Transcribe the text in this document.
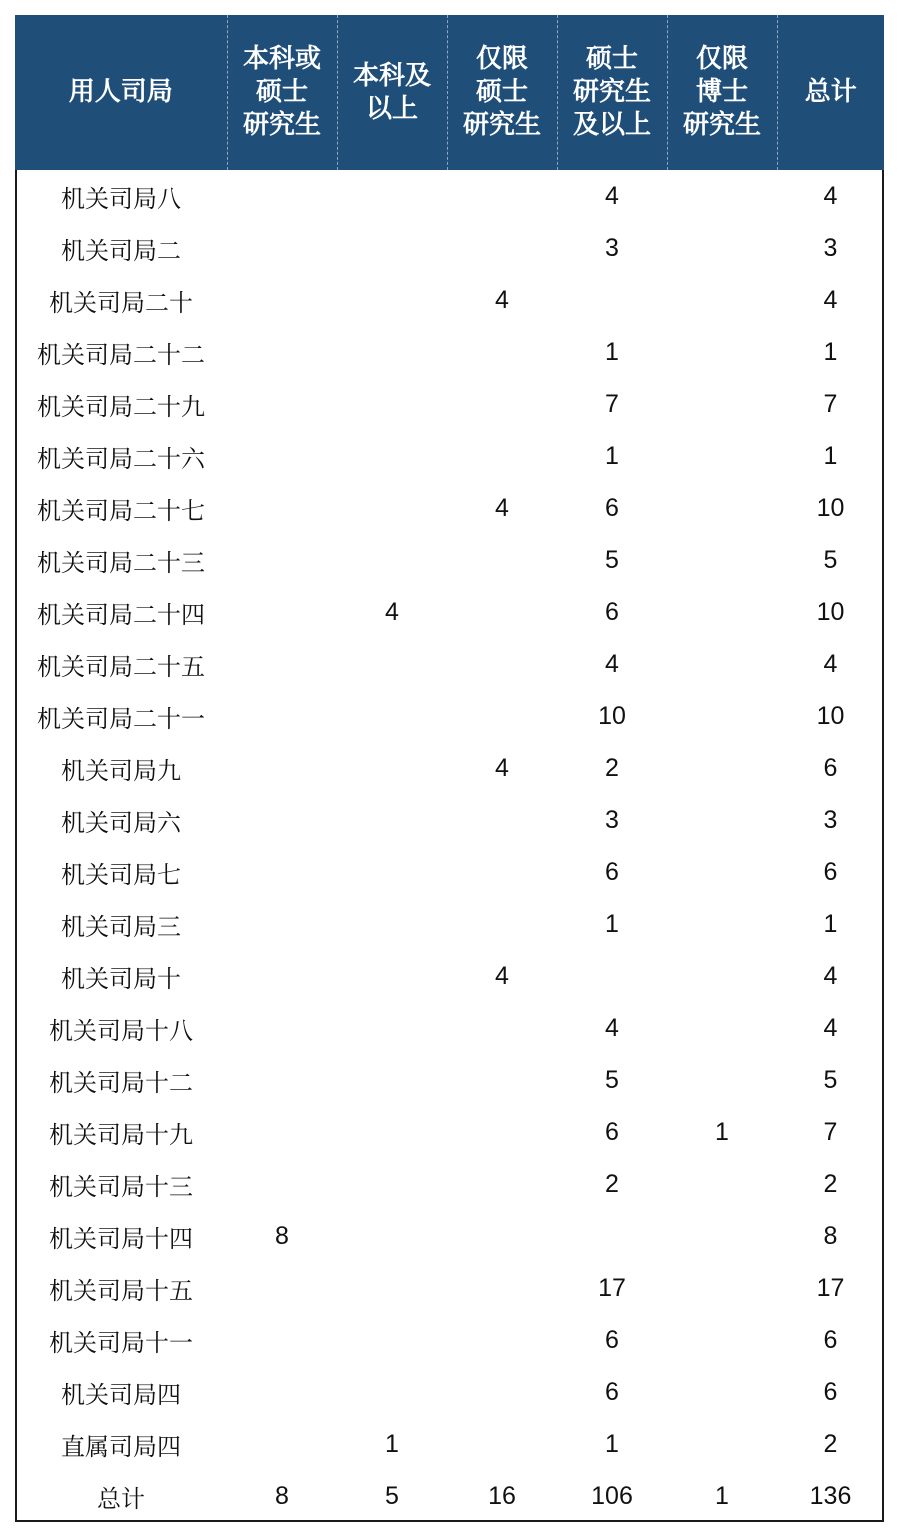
用人司局	本科或
硕士
研究生	本科及
以上	仅限
硕士
研究生	硕士
研究生
及以上	仅限
博士
研究生	总计
机关司局八				4		4
机关司局二				3		3
机关司局二十			4			4
机关司局二十二				1		1
机关司局二十九				7		7
机关司局二十六				1		1
机关司局二十七			4	6		10
机关司局二十三				5		5
机关司局二十四		4		6		10
机关司局二十五				4		4
机关司局二十一				10		10
机关司局九			4	2		6
机关司局六				3		3
机关司局七				6		6
机关司局三				1		1
机关司局十			4			4
机关司局十八				4		4
机关司局十二				5		5
机关司局十九				6	1	7
机关司局十三				2		2
机关司局十四	8					8
机关司局十五				17		17
机关司局十一				6		6
机关司局四				6		6
直属司局四		1		1		2
总计	8	5	16	106	1	136
